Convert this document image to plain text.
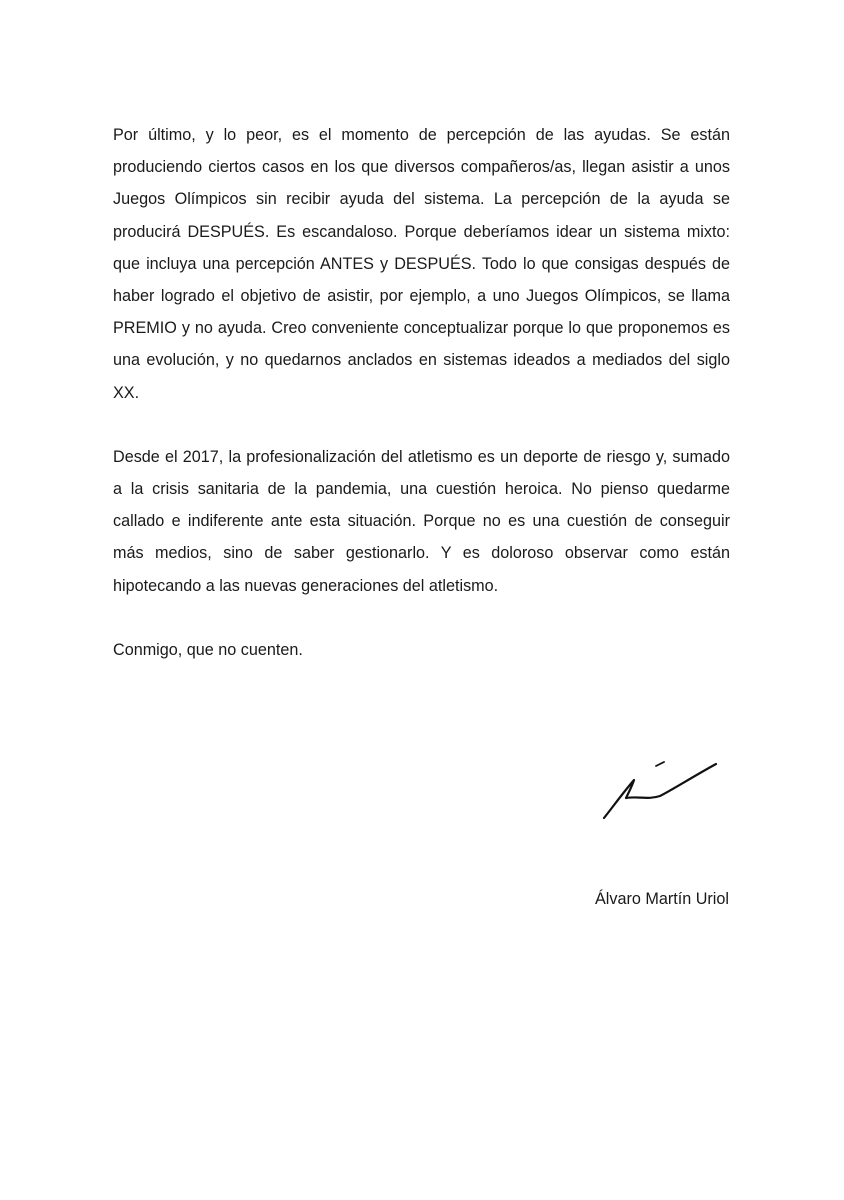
Por último, y lo peor, es el momento de percepción de las ayudas. Se están produciendo ciertos casos en los que diversos compañeros/as, llegan asistir a unos Juegos Olímpicos sin recibir ayuda del sistema. La percepción de la ayuda se producirá DESPUÉS. Es escandaloso. Porque deberíamos idear un sistema mixto: que incluya una percepción ANTES y DESPUÉS. Todo lo que consigas después de haber logrado el objetivo de asistir, por ejemplo, a uno Juegos Olímpicos, se llama PREMIO y no ayuda. Creo conveniente conceptualizar porque lo que proponemos es una evolución, y no quedarnos anclados en sistemas ideados a mediados del siglo XX.

Desde el 2017, la profesionalización del atletismo es un deporte de riesgo y, sumado a la crisis sanitaria de la pandemia, una cuestión heroica. No pienso quedarme callado e indiferente ante esta situación. Porque no es una cuestión de conseguir más medios, sino de saber gestionarlo. Y es doloroso observar como están hipotecando a las nuevas generaciones del atletismo.

Conmigo, que no cuenten.

Álvaro Martín Uriol
